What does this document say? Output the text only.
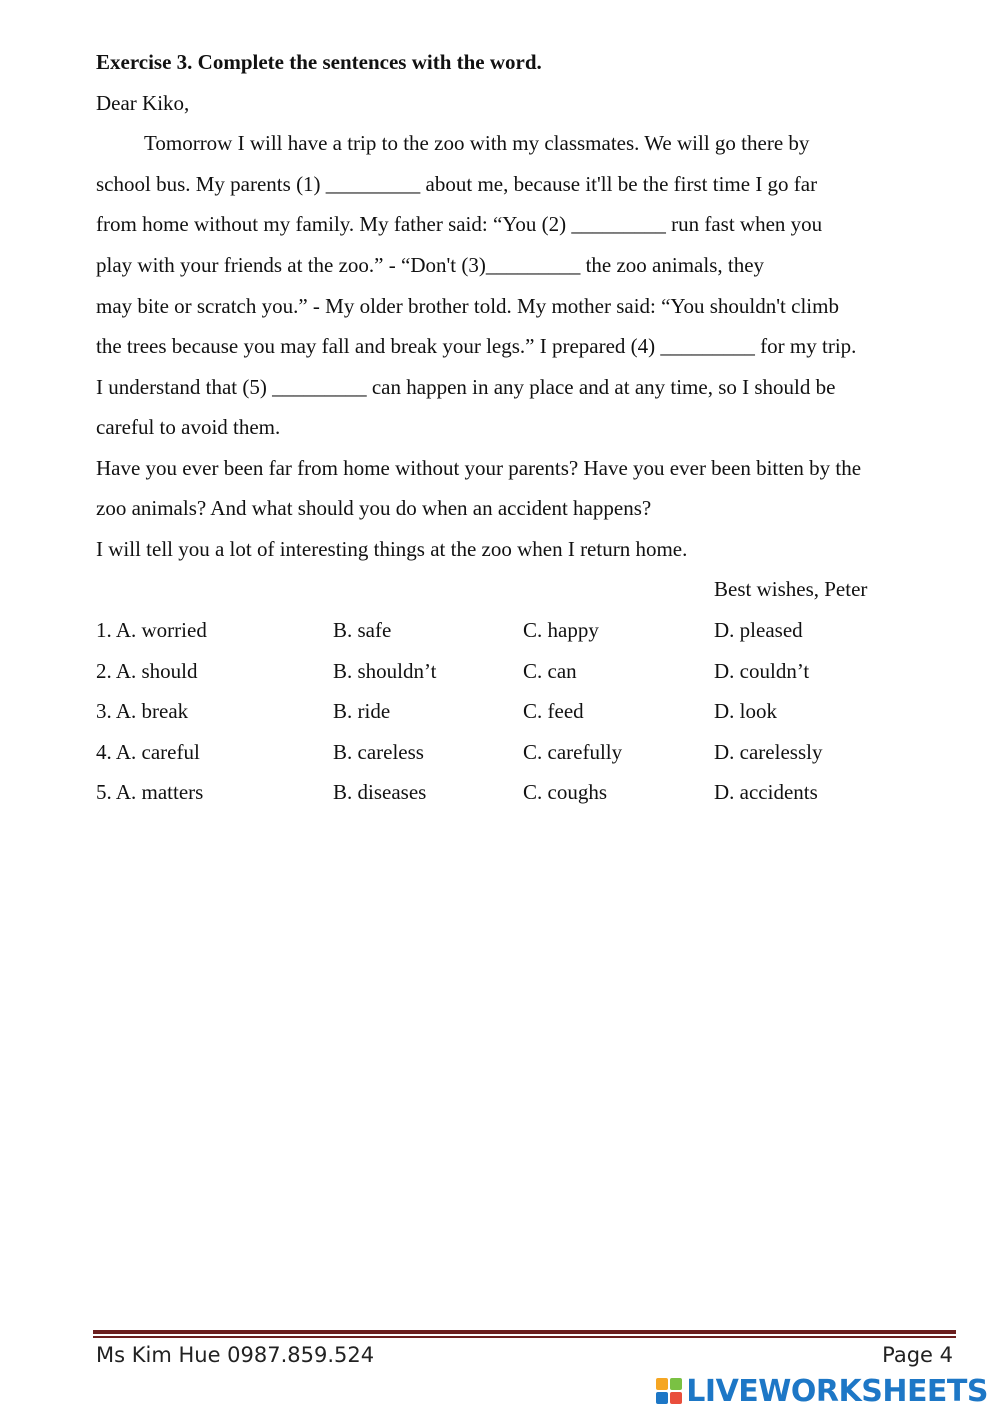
Exercise 3. Complete the sentences with the word.
Dear Kiko,
Tomorrow I will have a trip to the zoo with my classmates. We will go there by
school bus. My parents (1) _________ about me, because it'll be the first time I go far
from home without my family. My father said: “You (2) _________ run fast when you
play with your friends at the zoo.” - “Don't (3)_________ the zoo animals, they
may bite or scratch you.” - My older brother told. My mother said: “You shouldn't climb
the trees because you may fall and break your legs.” I prepared (4) _________ for my trip.
I understand that (5) _________ can happen in any place and at any time, so I should be
careful to avoid them.
Have you ever been far from home without your parents? Have you ever been bitten by the
zoo animals? And what should you do when an accident happens?
I will tell you a lot of interesting things at the zoo when I return home.
Best wishes, Peter
1. A. worried	B. safe	C. happy	D. pleased
2. A. should	B. shouldn’t	C. can	D. couldn’t
3. A. break	B. ride	C. feed	D. look
4. A. careful	B. careless	C. carefully	D. carelessly
5. A. matters	B. diseases	C. coughs	D. accidents
Ms Kim Hue 0987.859.524	Page 4
LIVEWORKSHEETS
